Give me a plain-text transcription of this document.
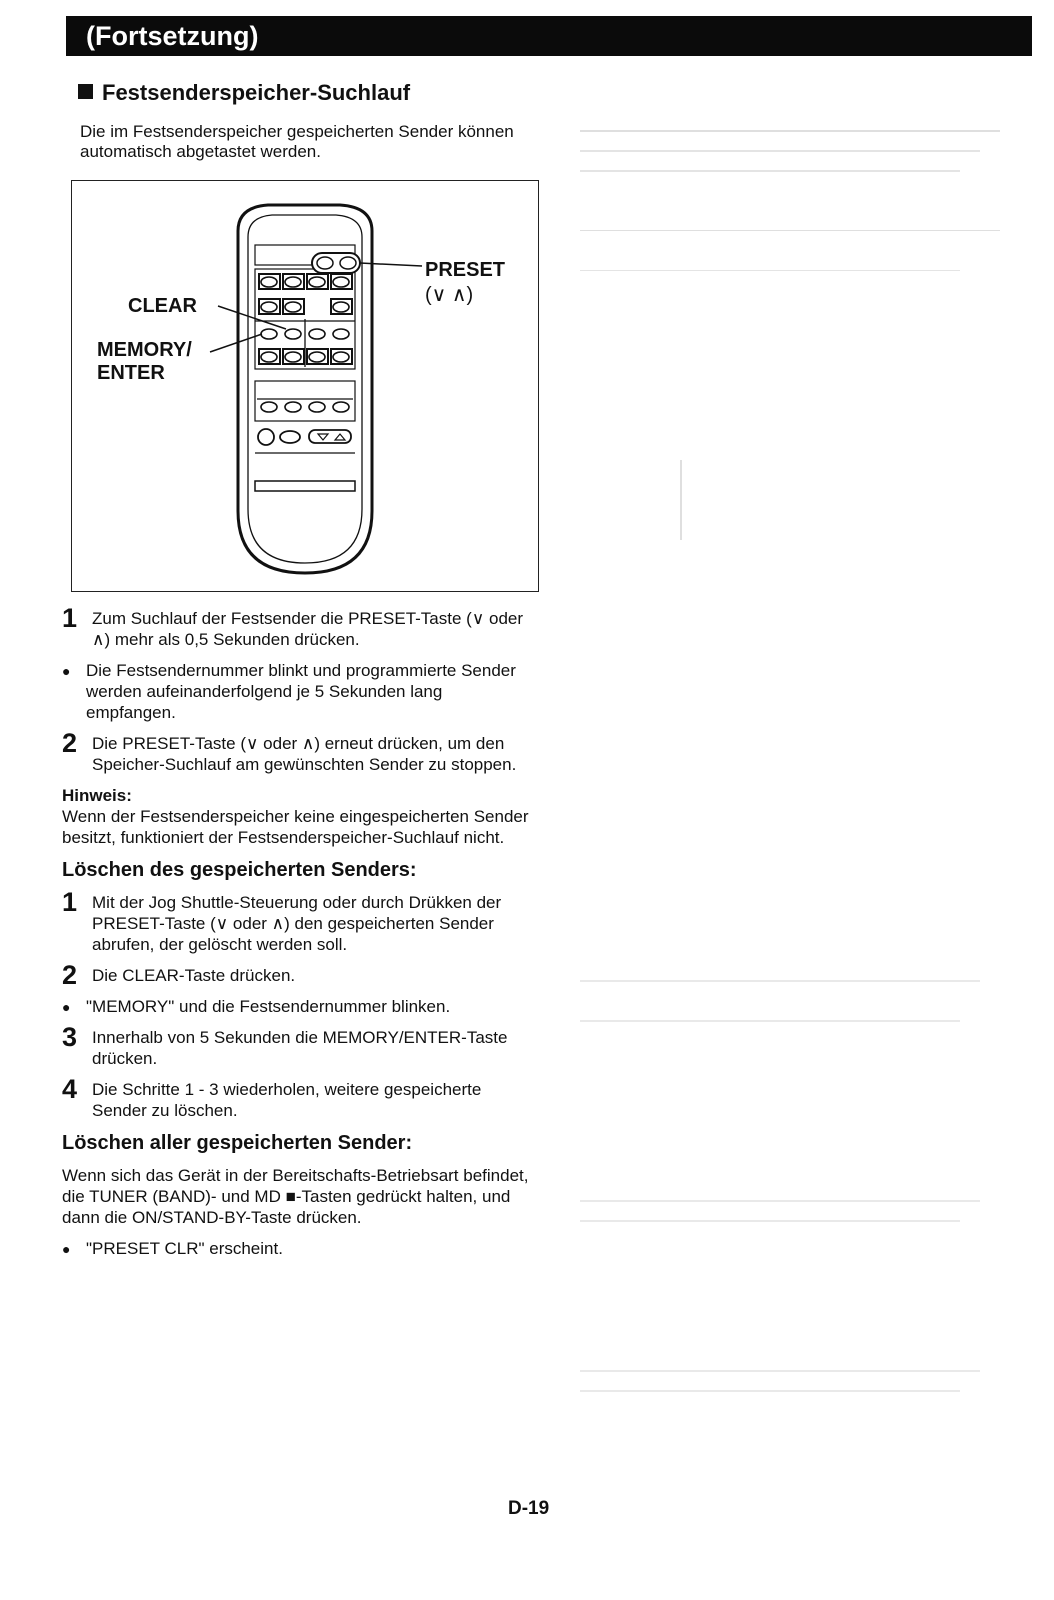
(Fortsetzung)
Festsenderspeicher-Suchlauf
Die im Festsenderspeicher gespeicherten Sender können automatisch abgetastet werden.
PRESET
(∨ ∧)
CLEAR
MEMORY/
ENTER
1 Zum Suchlauf der Festsender die PRESET-Taste (∨ oder ∧) mehr als 0,5 Sekunden drücken.
● Die Festsendernummer blinkt und programmierte Sender werden aufeinanderfolgend je 5 Sekunden lang empfangen.
2 Die PRESET-Taste (∨ oder ∧) erneut drücken, um den Speicher-Suchlauf am gewünschten Sender zu stoppen.
Hinweis:
Wenn der Festsenderspeicher keine eingespeicherten Sender besitzt, funktioniert der Festsenderspeicher-Suchlauf nicht.
Löschen des gespeicherten Senders:
1 Mit der Jog Shuttle-Steuerung oder durch Drükken der PRESET-Taste (∨ oder ∧) den gespeicherten Sender abrufen, der gelöscht werden soll.
2 Die CLEAR-Taste drücken.
● "MEMORY" und die Festsendernummer blinken.
3 Innerhalb von 5 Sekunden die MEMORY/ENTER-Taste drücken.
4 Die Schritte 1 - 3 wiederholen, weitere gespeicherte Sender zu löschen.
Löschen aller gespeicherten Sender:
Wenn sich das Gerät in der Bereitschafts-Betriebsart befindet, die TUNER (BAND)- und MD ■-Tasten gedrückt halten, und dann die ON/STAND-BY-Taste drücken.
● "PRESET CLR" erscheint.
D-19
